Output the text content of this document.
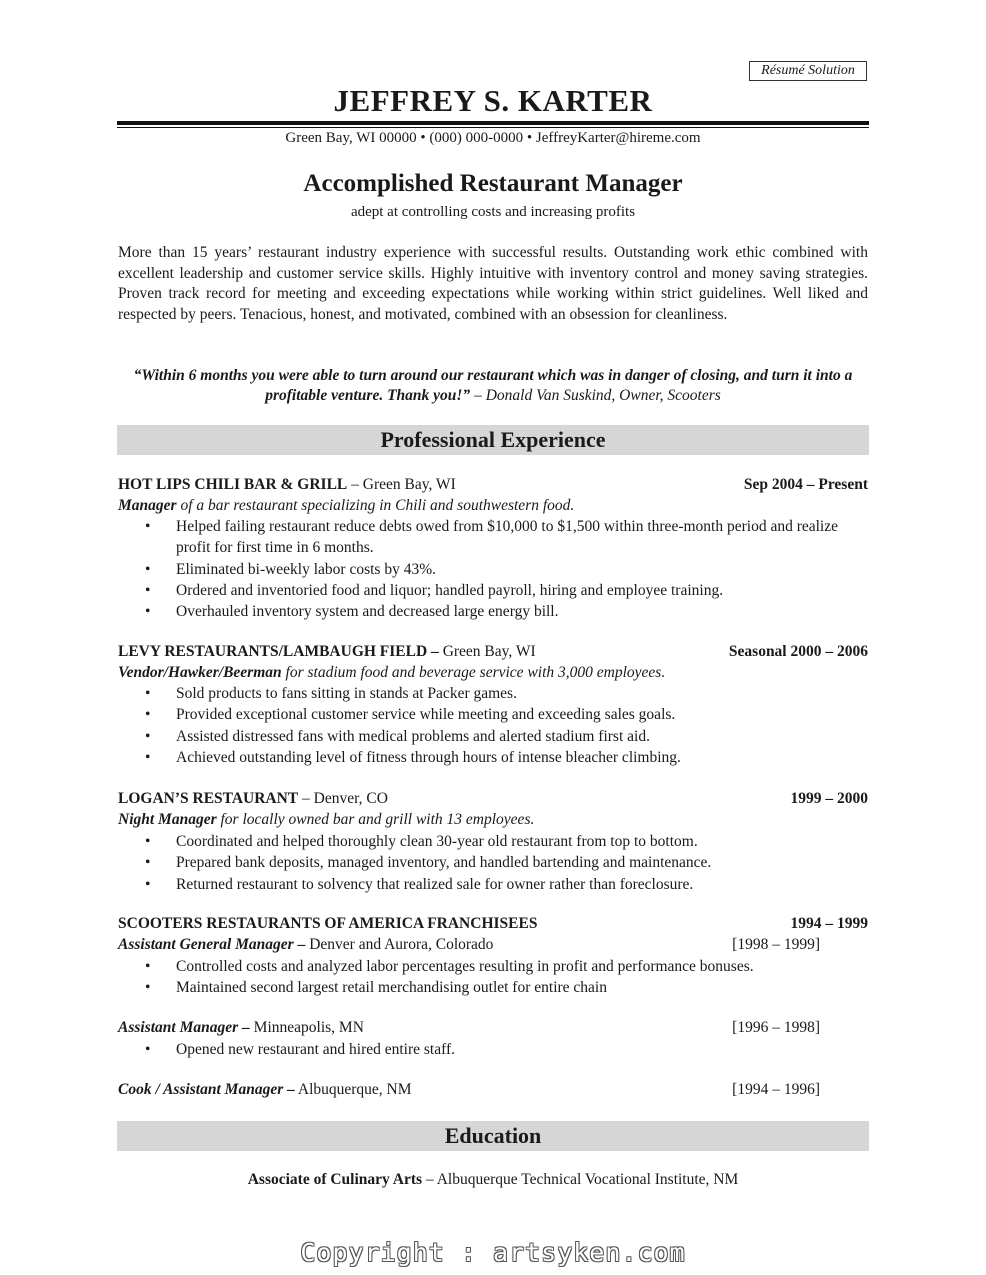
Résumé Solution
JEFFREY S. KARTER
Green Bay, WI 00000 • (000) 000-0000 • JeffreyKarter@hireme.com
Accomplished Restaurant Manager
adept at controlling costs and increasing profits

More than 15 years’ restaurant industry experience with successful results. Outstanding work ethic combined with excellent leadership and customer service skills. Highly intuitive with inventory control and money saving strategies. Proven track record for meeting and exceeding expectations while working within strict guidelines. Well liked and respected by peers. Tenacious, honest, and motivated, combined with an obsession for cleanliness.

“Within 6 months you were able to turn around our restaurant which was in danger of closing, and turn it into a profitable venture. Thank you!” – Donald Van Suskind, Owner, Scooters
Professional Experience
HOT LIPS CHILI BAR & GRILL – Green Bay, WI	Sep 2004 – Present
Manager of a bar restaurant specializing in Chili and southwestern food.
• Helped failing restaurant reduce debts owed from $10,000 to $1,500 within three-month period and realize profit for first time in 6 months.
• Eliminated bi-weekly labor costs by 43%.
• Ordered and inventoried food and liquor; handled payroll, hiring and employee training.
• Overhauled inventory system and decreased large energy bill.
LEVY RESTAURANTS/LAMBAUGH FIELD – Green Bay, WI	Seasonal 2000 – 2006
Vendor/Hawker/Beerman for stadium food and beverage service with 3,000 employees.
• Sold products to fans sitting in stands at Packer games.
• Provided exceptional customer service while meeting and exceeding sales goals.
• Assisted distressed fans with medical problems and alerted stadium first aid.
• Achieved outstanding level of fitness through hours of intense bleacher climbing.
LOGAN’S RESTAURANT – Denver, CO	1999 – 2000
Night Manager for locally owned bar and grill with 13 employees.
• Coordinated and helped thoroughly clean 30-year old restaurant from top to bottom.
• Prepared bank deposits, managed inventory, and handled bartending and maintenance.
• Returned restaurant to solvency that realized sale for owner rather than foreclosure.
SCOOTERS RESTAURANTS OF AMERICA FRANCHISEES	1994 – 1999
Assistant General Manager – Denver and Aurora, Colorado	[1998 – 1999]
• Controlled costs and analyzed labor percentages resulting in profit and performance bonuses.
• Maintained second largest retail merchandising outlet for entire chain
Assistant Manager – Minneapolis, MN	[1996 – 1998]
• Opened new restaurant and hired entire staff.
Cook / Assistant Manager – Albuquerque, NM	[1994 – 1996]
Education
Associate of Culinary Arts – Albuquerque Technical Vocational Institute, NM
Copyright : artsyken.com
